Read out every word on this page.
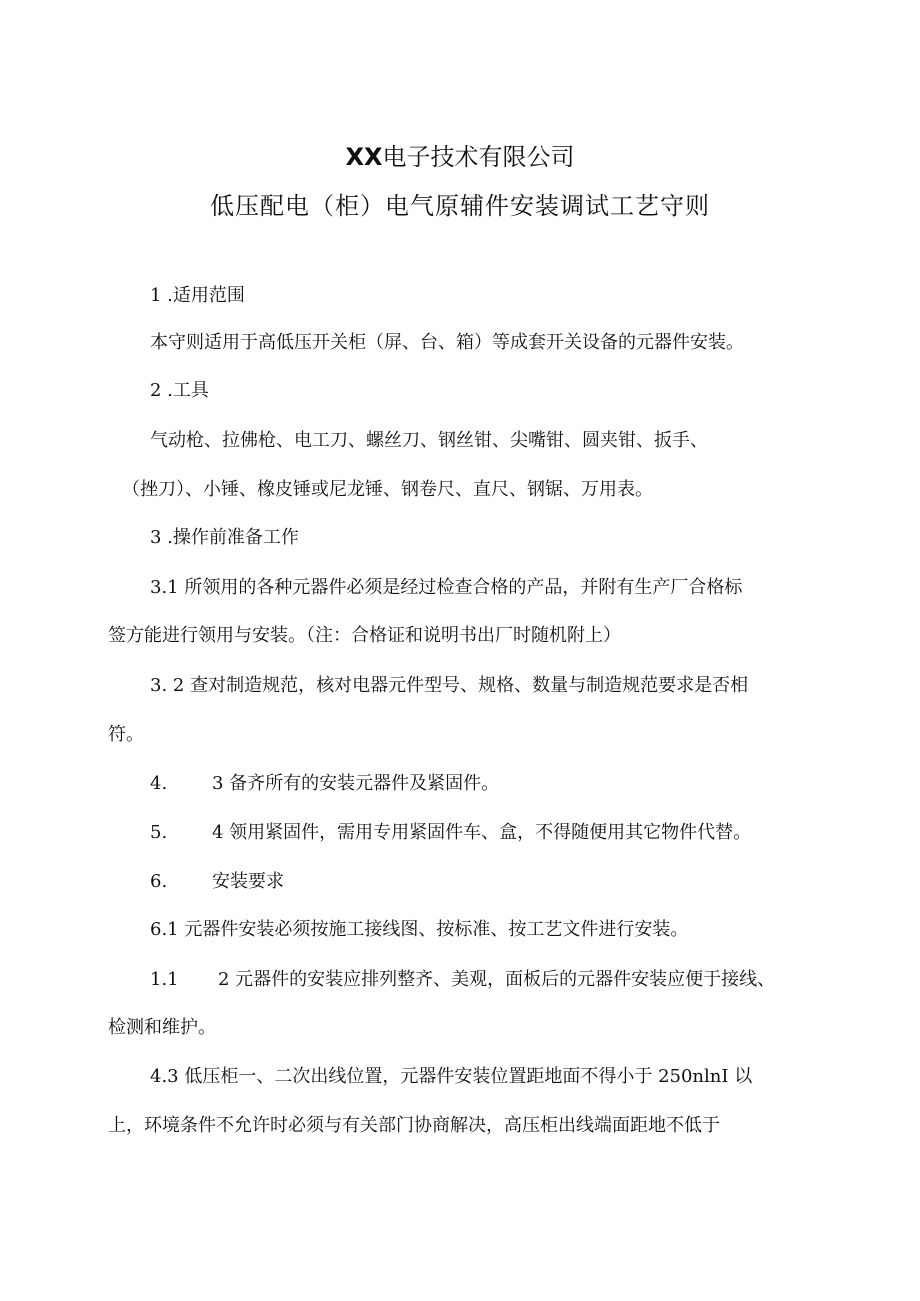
XX电子技术有限公司
低压配电（柜）电气原辅件安装调试工艺守则
1 .适用范围
本守则适用于高低压开关柜（屏、台、箱）等成套开关设备的元器件安装。
2 .工具
气动枪、拉佛枪、电工刀、螺丝刀、钢丝钳、尖嘴钳、圆夹钳、扳手、
（挫刀）、小锤、橡皮锤或尼龙锤、钢卷尺、直尺、钢锯、万用表。
3 .操作前准备工作
3.1 所领用的各种元器件必须是经过检查合格的产品，并附有生产厂合格标
签方能进行领用与安装。（注：合格证和说明书出厂时随机附上）
3. 2 查对制造规范，核对电器元件型号、规格、数量与制造规范要求是否相
符。
4. 3 备齐所有的安装元器件及紧固件。
5. 4 领用紧固件，需用专用紧固件车、盒，不得随便用其它物件代替。
6. 安装要求
6.1 元器件安装必须按施工接线图、按标准、按工艺文件进行安装。
1.1 2 元器件的安装应排列整齐、美观，面板后的元器件安装应便于接线、
检测和维护。
4.3 低压柜一、二次出线位置，元器件安装位置距地面不得小于 250nlnI 以
上，环境条件不允许时必须与有关部门协商解决，高压柜出线端面距地不低于
